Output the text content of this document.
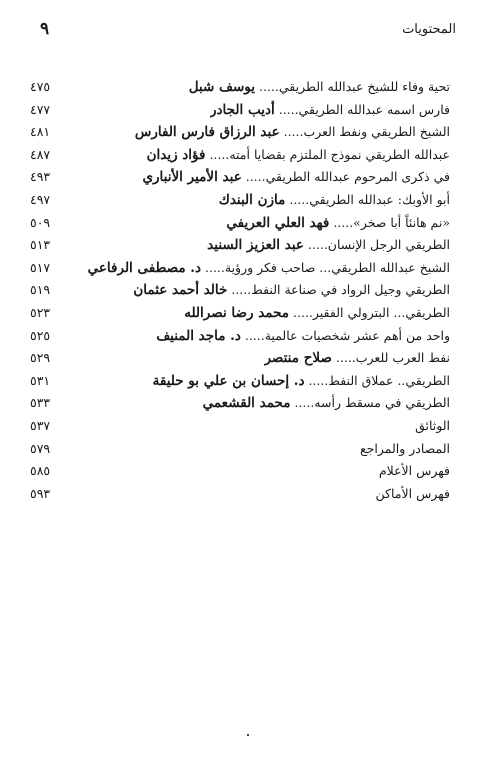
المحتويات
٩
تحية وفاء للشيخ عبدالله الطريقي..... يوسف شبل
٤٧٥
فارس اسمه عبدالله الطريقي..... أديب الجادر
٤٧٧
الشيخ الطريقي ونفط العرب..... عبد الرزاق فارس الفارس
٤٨١
عبدالله الطريقي نموذج الملتزم بقضايا أمته..... فؤاد زيدان
٤٨٧
في ذكرى المرحوم عبدالله الطريقي..... عبد الأمير الأنباري
٤٩٣
أبو الأوبك: عبدالله الطريقي..... مازن البندك
٤٩٧
«نم هانئاً أبا صخر»..... فهد العلي العريفي
٥٠٩
الطريقي الرجل الإنسان..... عبد العزيز السنيد
٥١٣
الشيخ عبدالله الطريقي... صاحب فكر ورؤية..... د. مصطفى الرفاعي
٥١٧
الطريقي وجيل الرواد في صناعة النفط..... خالد أحمد عثمان
٥١٩
الطريقي... البترولي الفقير..... محمد رضا نصرالله
٥٢٣
واحد من أهم عشر شخصيات عالمية..... د. ماجد المنيف
٥٢٥
نفط العرب للعرب..... صلاح منتصر
٥٢٩
الطريقي.. عملاق النفط..... د. إحسان بن علي بو حليقة
٥٣١
الطريقي في مسقط رأسه..... محمد القشعمي
٥٣٣
الوثائق
٥٣٧
المصادر والمراجع
٥٧٩
فهرس الأعلام
٥٨٥
فهرس الأماكن
٥٩٣
